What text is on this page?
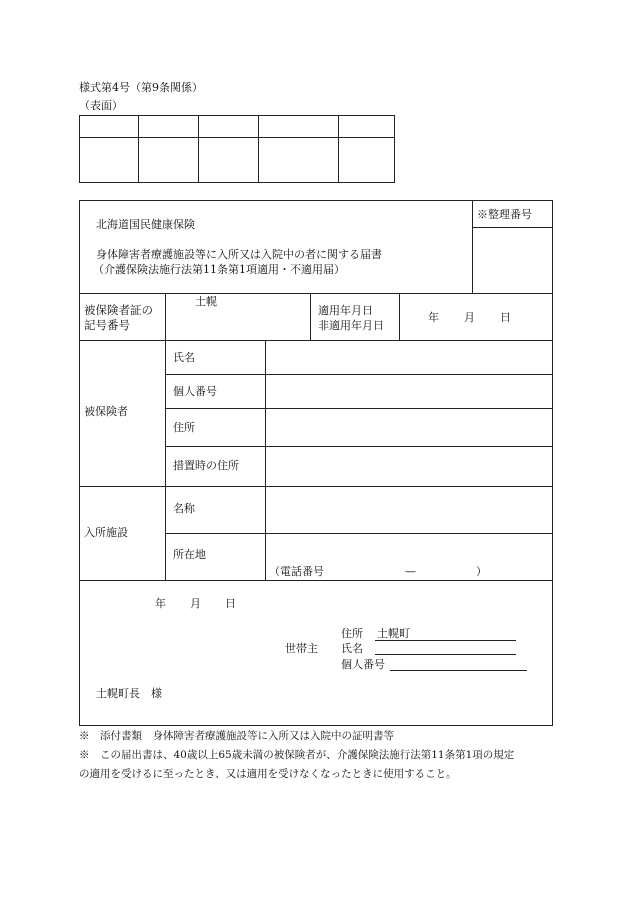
様式第4号（第9条関係）
（表面）
※整理番号
北海道国民健康保険
身体障害者療護施設等に入所又は入院中の者に関する届書
（介護保険法施行法第11条第1項適用・不適用届）
被保険者証の
記号番号
土幌
適用年月日
非適用年月日
年 月 日
被保険者
氏名
個人番号
住所
措置時の住所
入所施設
名称
所在地
（電話番号	—	）
年 月 日
世帯主
住所 土幌町
氏名
個人番号
土幌町長　様
※　添付書類　身体障害者療護施設等に入所又は入院中の証明書等
※　この届出書は、40歳以上65歳未満の被保険者が、介護保険法施行法第11条第1項の規定
の適用を受けるに至ったとき、又は適用を受けなくなったときに使用すること。
